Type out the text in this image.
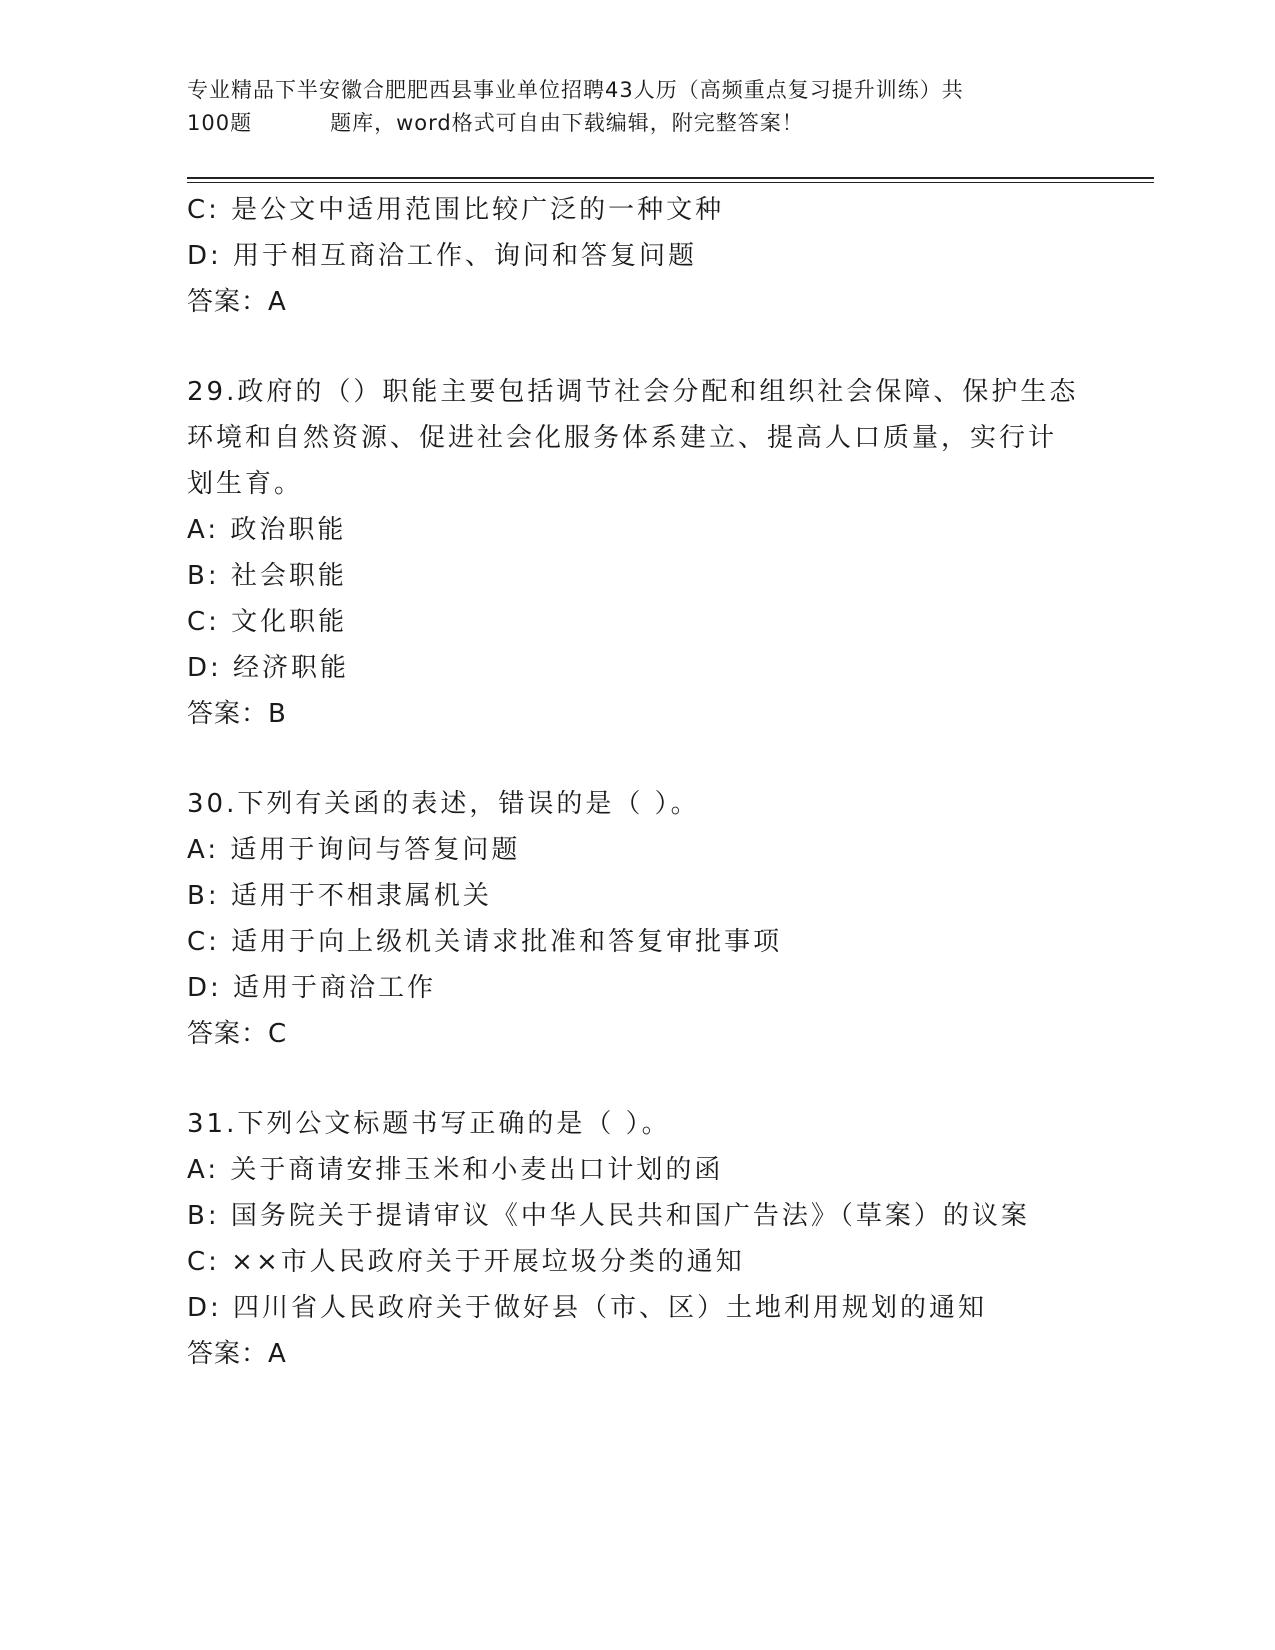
专业精品下半安徽合肥肥西县事业单位招聘43人历（高频重点复习提升训练）共
100题	题库，word格式可自由下载编辑，附完整答案！
C: 是公文中适用范围比较广泛的一种文种
D: 用于相互商洽工作、询问和答复问题
答案：A
29.政府的（）职能主要包括调节社会分配和组织社会保障、保护生态
环境和自然资源、促进社会化服务体系建立、提高人口质量，实行计
划生育。
A: 政治职能
B: 社会职能
C: 文化职能
D: 经济职能
答案：B
30.下列有关函的表述，错误的是（ ）。
A: 适用于询问与答复问题
B: 适用于不相隶属机关
C: 适用于向上级机关请求批准和答复审批事项
D: 适用于商洽工作
答案：C
31.下列公文标题书写正确的是（ ）。
A: 关于商请安排玉米和小麦出口计划的函
B: 国务院关于提请审议《中华人民共和国广告法》（草案）的议案
C: ××市人民政府关于开展垃圾分类的通知
D: 四川省人民政府关于做好县（市、区）土地利用规划的通知
答案：A
